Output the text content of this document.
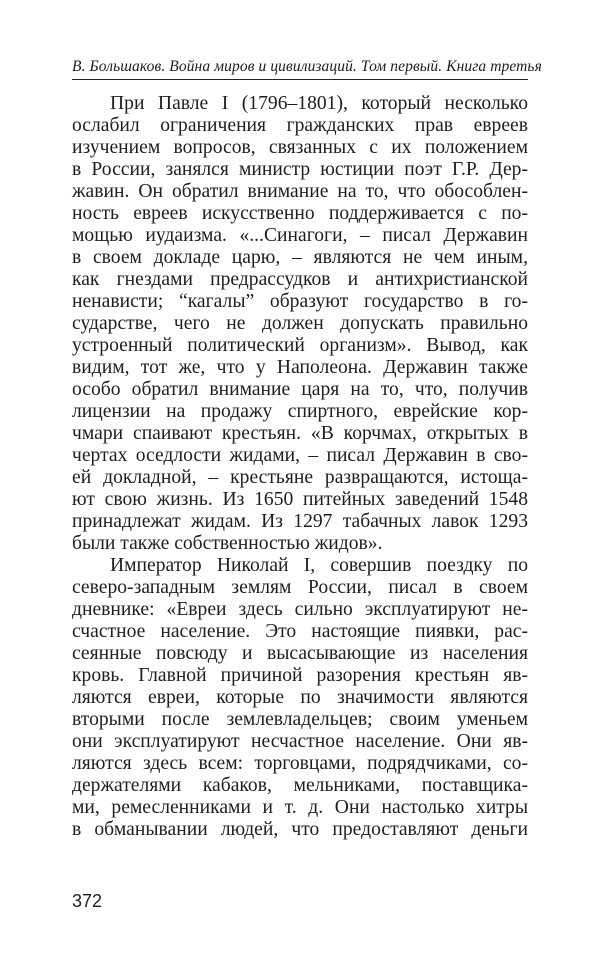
В. Большаков. Война миров и цивилизаций. Том первый. Книга третья
При Павле I (1796–1801), который несколько
ослабил ограничения гражданских прав евреев
изучением вопросов, связанных с их положением
в России, занялся министр юстиции поэт Г.Р. Дер-
жавин. Он обратил внимание на то, что обособлен-
ность евреев искусственно поддерживается с по-
мощью иудаизма. «...Синагоги, – писал Державин
в своем докладе царю, – являются не чем иным,
как гнездами предрассудков и антихристианской
ненависти; “кагалы” образуют государство в го-
сударстве, чего не должен допускать правильно
устроенный политический организм». Вывод, как
видим, тот же, что у Наполеона. Державин также
особо обратил внимание царя на то, что, получив
лицензии на продажу спиртного, еврейские кор-
чмари спаивают крестьян. «В корчмах, открытых в
чертах оседлости жидами, – писал Державин в сво-
ей докладной, – крестьяне развращаются, истоща-
ют свою жизнь. Из 1650 питейных заведений 1548
принадлежат жидам. Из 1297 табачных лавок 1293
были также собственностью жидов».
Император Николай I, совершив поездку по
северо-западным землям России, писал в своем
дневнике: «Евреи здесь сильно эксплуатируют не-
счастное население. Это настоящие пиявки, рас-
сеянные повсюду и высасывающие из населения
кровь. Главной причиной разорения крестьян яв-
ляются евреи, которые по значимости являются
вторыми после землевладельцев; своим уменьем
они эксплуатируют несчастное население. Они яв-
ляются здесь всем: торговцами, подрядчиками, со-
держателями кабаков, мельниками, поставщика-
ми, ремесленниками и т. д. Они настолько хитры
в обманывании людей, что предоставляют деньги
372
